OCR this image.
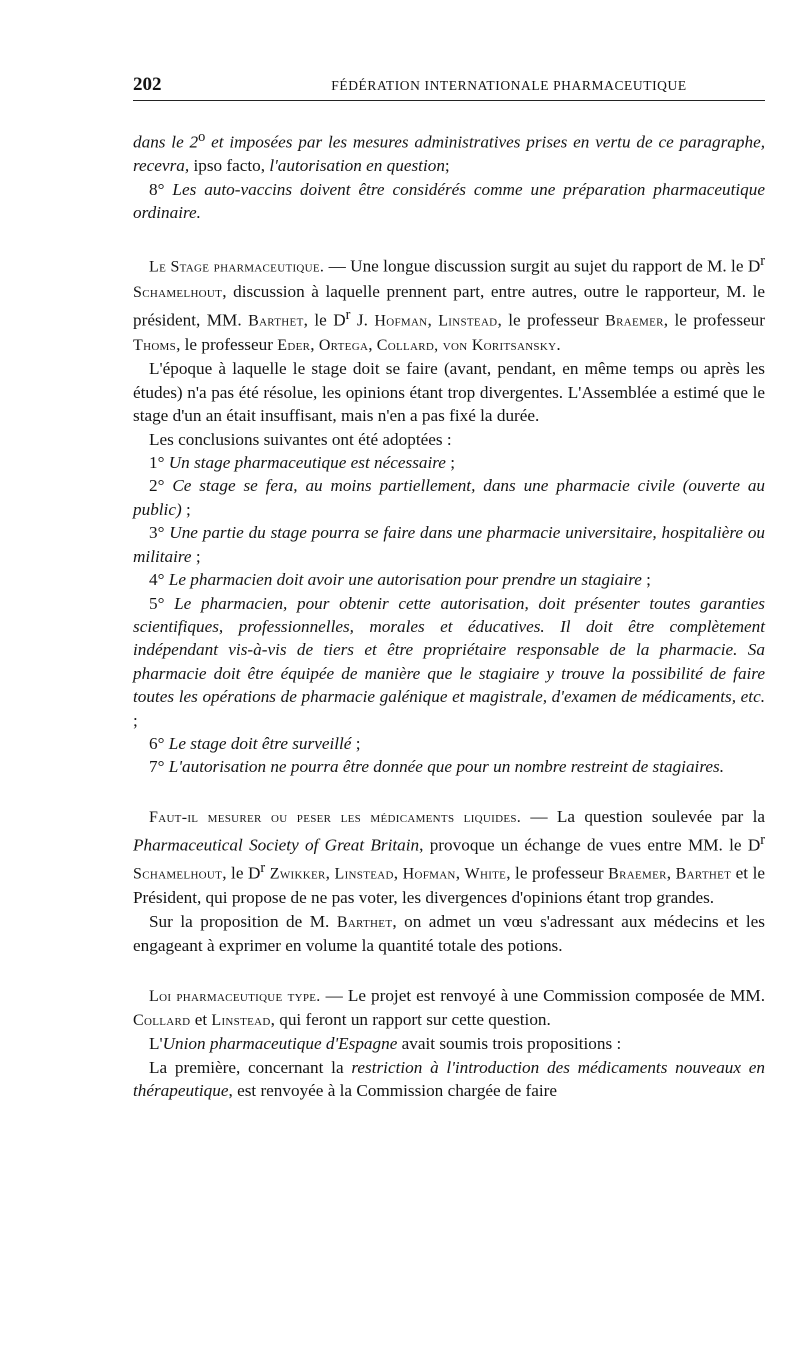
202	FÉDÉRATION INTERNATIONALE PHARMACEUTIQUE

dans le 2$^o$ et imposées par les mesures administratives prises en vertu de ce paragraphe, recevra, ipso facto, l'autorisation en question;

8° Les auto-vaccins doivent être considérés comme une préparation pharmaceutique ordinaire.

Le Stage pharmaceutique. — Une longue discussion surgit au sujet du rapport de M. le $D^r$ Schamelhout, discussion à laquelle prennent part, entre autres, outre le rapporteur, M. le président, MM. Barthet, le $D^r$ J. Hofman, Linstead, le professeur Braemer, le professeur Thoms, le professeur Eder, Ortega, Collard, von Koritsansky.

L'époque à laquelle le stage doit se faire (avant, pendant, en même temps ou après les études) n'a pas été résolue, les opinions étant trop divergentes. L'Assemblée a estimé que le stage d'un an était insuffisant, mais n'en a pas fixé la durée.

Les conclusions suivantes ont été adoptées :

1° Un stage pharmaceutique est nécessaire ;

2° Ce stage se fera, au moins partiellement, dans une pharmacie civile (ouverte au public) ;

3° Une partie du stage pourra se faire dans une pharmacie universitaire, hospitalière ou militaire ;

4° Le pharmacien doit avoir une autorisation pour prendre un stagiaire ;

5° Le pharmacien, pour obtenir cette autorisation, doit présenter toutes garanties scientifiques, professionnelles, morales et éducatives. Il doit être complètement indépendant vis-à-vis de tiers et être propriétaire responsable de la pharmacie. Sa pharmacie doit être équipée de manière que le stagiaire y trouve la possibilité de faire toutes les opérations de pharmacie galénique et magistrale, d'examen de médicaments, etc. ;

6° Le stage doit être surveillé ;

7° L'autorisation ne pourra être donnée que pour un nombre restreint de stagiaires.

Faut-il mesurer ou peser les médicaments liquides. — La question soulevée par la Pharmaceutical Society of Great Britain, provoque un échange de vues entre MM. le $D^r$ Schamelhout, le $D^r$ Zwikker, Linstead, Hofman, White, le professeur Braemer, Barthet et le Président, qui propose de ne pas voter, les divergences d'opinions étant trop grandes.

Sur la proposition de M. Barthet, on admet un vœu s'adressant aux médecins et les engageant à exprimer en volume la quantité totale des potions.

Loi pharmaceutique type. — Le projet est renvoyé à une Commission composée de MM. Collard et Linstead, qui feront un rapport sur cette question.

L'Union pharmaceutique d'Espagne avait soumis trois propositions :

La première, concernant la restriction à l'introduction des médicaments nouveaux en thérapeutique, est renvoyée à la Commission chargée de faire
